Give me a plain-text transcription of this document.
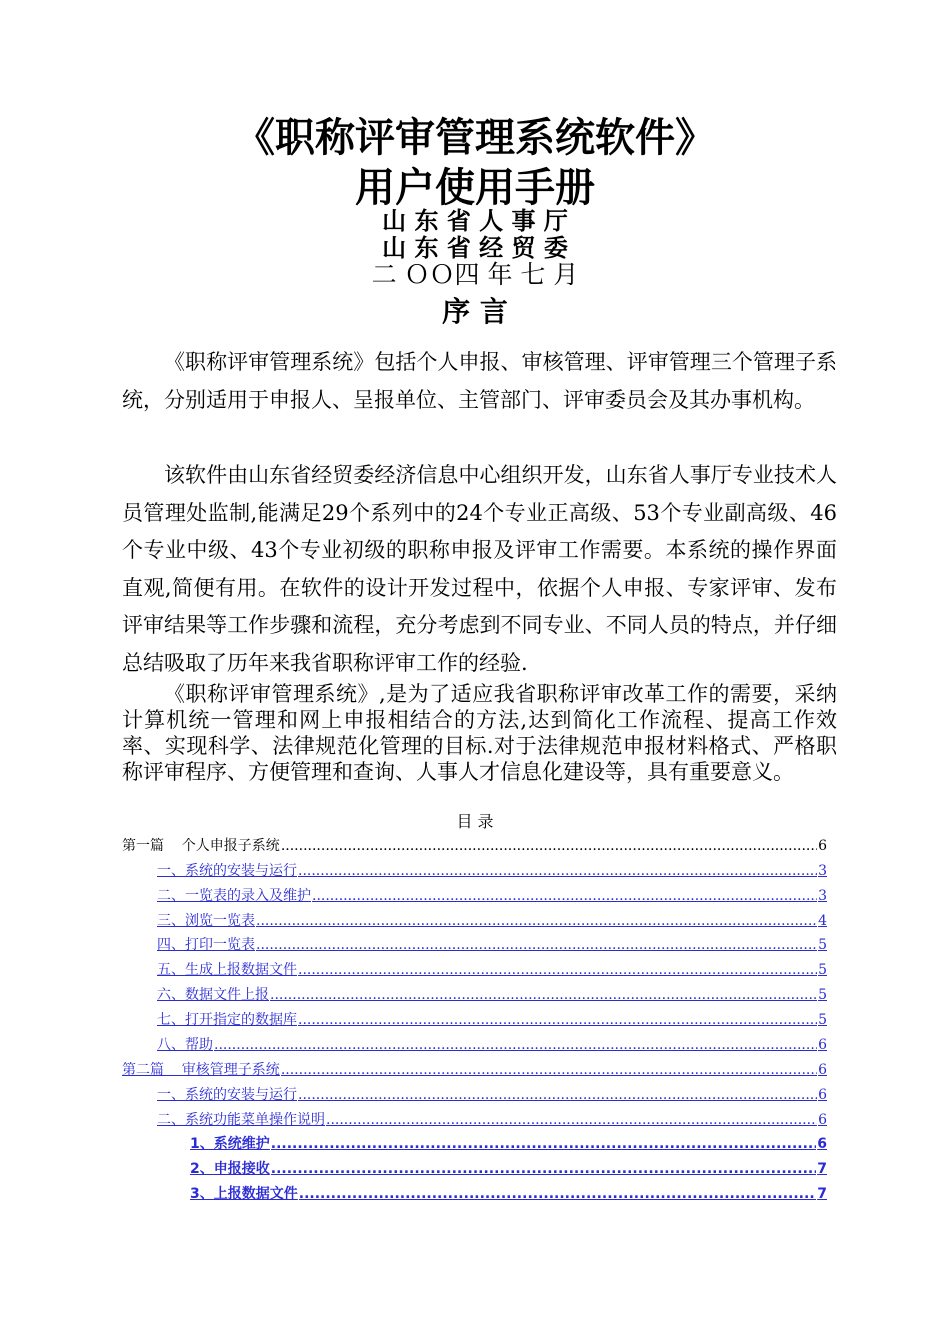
《职称评审管理系统软件》
用户使用手册
山 东 省 人 事 厅
山 东 省 经 贸 委
二 ＯＯ四 年 七 月
序 言

《职称评审管理系统》包括个人申报、审核管理、评审管理三个管理子系统，分别适用于申报人、呈报单位、主管部门、评审委员会及其办事机构。

该软件由山东省经贸委经济信息中心组织开发，山东省人事厅专业技术人员管理处监制,能满足29个系列中的24个专业正高级、53个专业副高级、46个专业中级、43个专业初级的职称申报及评审工作需要。本系统的操作界面直观,简便有用。在软件的设计开发过程中，依据个人申报、专家评审、发布评审结果等工作步骤和流程，充分考虑到不同专业、不同人员的特点，并仔细总结吸取了历年来我省职称评审工作的经验.

《职称评审管理系统》,是为了适应我省职称评审改革工作的需要，采纳计算机统一管理和网上申报相结合的方法,达到简化工作流程、提高工作效率、实现科学、法律规范化管理的目标.对于法律规范申报材料格式、严格职称评审程序、方便管理和查询、人事人才信息化建设等，具有重要意义。

目 录
第一篇    个人申报子系统 .....	6
一、系统的安装与运行 .....	3
二、一览表的录入及维护 .....	3
三、浏览一览表 .....	4
四、打印一览表 .....	5
五、生成上报数据文件 .....	5
六、数据文件上报 .....	5
七、打开指定的数据库 .....	5
八、帮助 .....	6
第二篇    审核管理子系统 .....	6
一、系统的安装与运行 .....	6
二、系统功能菜单操作说明 .....	6
1、系统维护 .....	6
2、申报接收 .....	7
3、上报数据文件 .....	7
